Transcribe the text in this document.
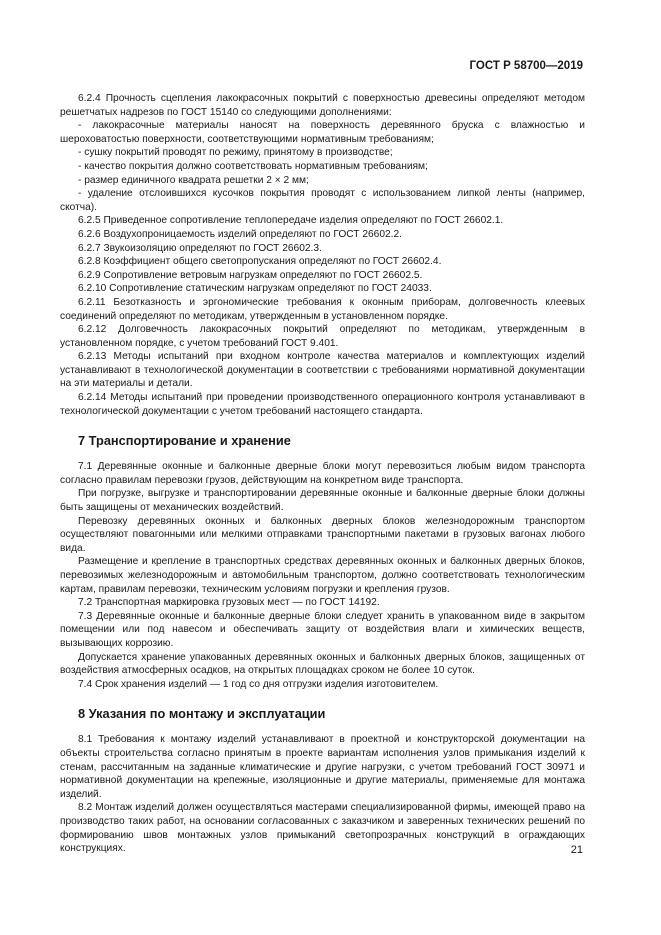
ГОСТ Р 58700—2019

6.2.4 Прочность сцепления лакокрасочных покрытий с поверхностью древесины определяют методом решетчатых надрезов по ГОСТ 15140 со следующими дополнениями:

- лакокрасочные материалы наносят на поверхность деревянного бруска с влажностью и шероховатостью поверхности, соответствующими нормативным требованиям;

- сушку покрытий проводят по режиму, принятому в производстве;

- качество покрытия должно соответствовать нормативным требованиям;

- размер единичного квадрата решетки 2 × 2 мм;

- удаление отслоившихся кусочков покрытия проводят с использованием липкой ленты (например, скотча).

6.2.5 Приведенное сопротивление теплопередаче изделия определяют по ГОСТ 26602.1.

6.2.6 Воздухопроницаемость изделий определяют по ГОСТ 26602.2.

6.2.7 Звукоизоляцию определяют по ГОСТ 26602.3.

6.2.8 Коэффициент общего светопропускания определяют по ГОСТ 26602.4.

6.2.9 Сопротивление ветровым нагрузкам определяют по ГОСТ 26602.5.

6.2.10 Сопротивление статическим нагрузкам определяют по ГОСТ 24033.

6.2.11 Безотказность и эргономические требования к оконным приборам, долговечность клеевых соединений определяют по методикам, утвержденным в установленном порядке.

6.2.12 Долговечность лакокрасочных покрытий определяют по методикам, утвержденным в установленном порядке, с учетом требований ГОСТ 9.401.

6.2.13 Методы испытаний при входном контроле качества материалов и комплектующих изделий устанавливают в технологической документации в соответствии с требованиями нормативной документации на эти материалы и детали.

6.2.14 Методы испытаний при проведении производственного операционного контроля устанавливают в технологической документации с учетом требований настоящего стандарта.

7 Транспортирование и хранение

7.1 Деревянные оконные и балконные дверные блоки могут перевозиться любым видом транспорта согласно правилам перевозки грузов, действующим на конкретном виде транспорта.

При погрузке, выгрузке и транспортировании деревянные оконные и балконные дверные блоки должны быть защищены от механических воздействий.

Перевозку деревянных оконных и балконных дверных блоков железнодорожным транспортом осуществляют повагонными или мелкими отправками транспортными пакетами в грузовых вагонах любого вида.

Размещение и крепление в транспортных средствах деревянных оконных и балконных дверных блоков, перевозимых железнодорожным и автомобильным транспортом, должно соответствовать технологическим картам, правилам перевозки, техническим условиям погрузки и крепления грузов.

7.2 Транспортная маркировка грузовых мест — по ГОСТ 14192.

7.3 Деревянные оконные и балконные дверные блоки следует хранить в упакованном виде в закрытом помещении или под навесом и обеспечивать защиту от воздействия влаги и химических веществ, вызывающих коррозию.

Допускается хранение упакованных деревянных оконных и балконных дверных блоков, защищенных от воздействия атмосферных осадков, на открытых площадках сроком не более 10 суток.

7.4 Срок хранения изделий — 1 год со дня отгрузки изделия изготовителем.

8 Указания по монтажу и эксплуатации

8.1 Требования к монтажу изделий устанавливают в проектной и конструкторской документации на объекты строительства согласно принятым в проекте вариантам исполнения узлов примыкания изделий к стенам, рассчитанным на заданные климатические и другие нагрузки, с учетом требований ГОСТ 30971 и нормативной документации на крепежные, изоляционные и другие материалы, применяемые для монтажа изделий.

8.2 Монтаж изделий должен осуществляться мастерами специализированной фирмы, имеющей право на производство таких работ, на основании согласованных с заказчиком и заверенных технических решений по формированию швов монтажных узлов примыканий светопрозрачных конструкций в ограждающих конструкциях.	21
